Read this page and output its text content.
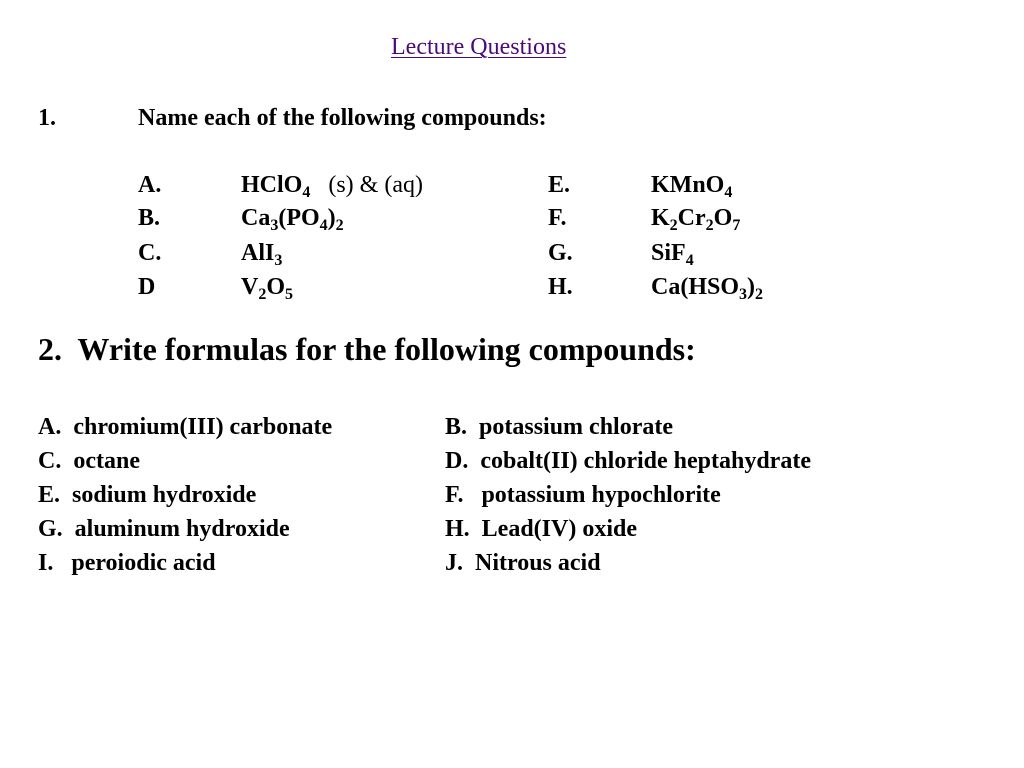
Lecture Questions
1.	Name each of the following compounds:
A.	HClO$_4$   (s) & (aq)	E.	KMnO$_4$
B.	$Ca_3(PO_4)_2$	F.	$K_2Cr_2O_7$
C.	AlI$_3$	G.	SiF$_4$
D	$V_2O_5$	H.	$Ca(HSO_3)_2$
2.  Write formulas for the following compounds:
A.  chromium(III) carbonate	B.  potassium chlorate
C.  octane	D.  cobalt(II) chloride heptahydrate
E.  sodium hydroxide	F.   potassium hypochlorite
G.  aluminum hydroxide	H.  Lead(IV) oxide
I.   peroiodic acid	J.  Nitrous acid
